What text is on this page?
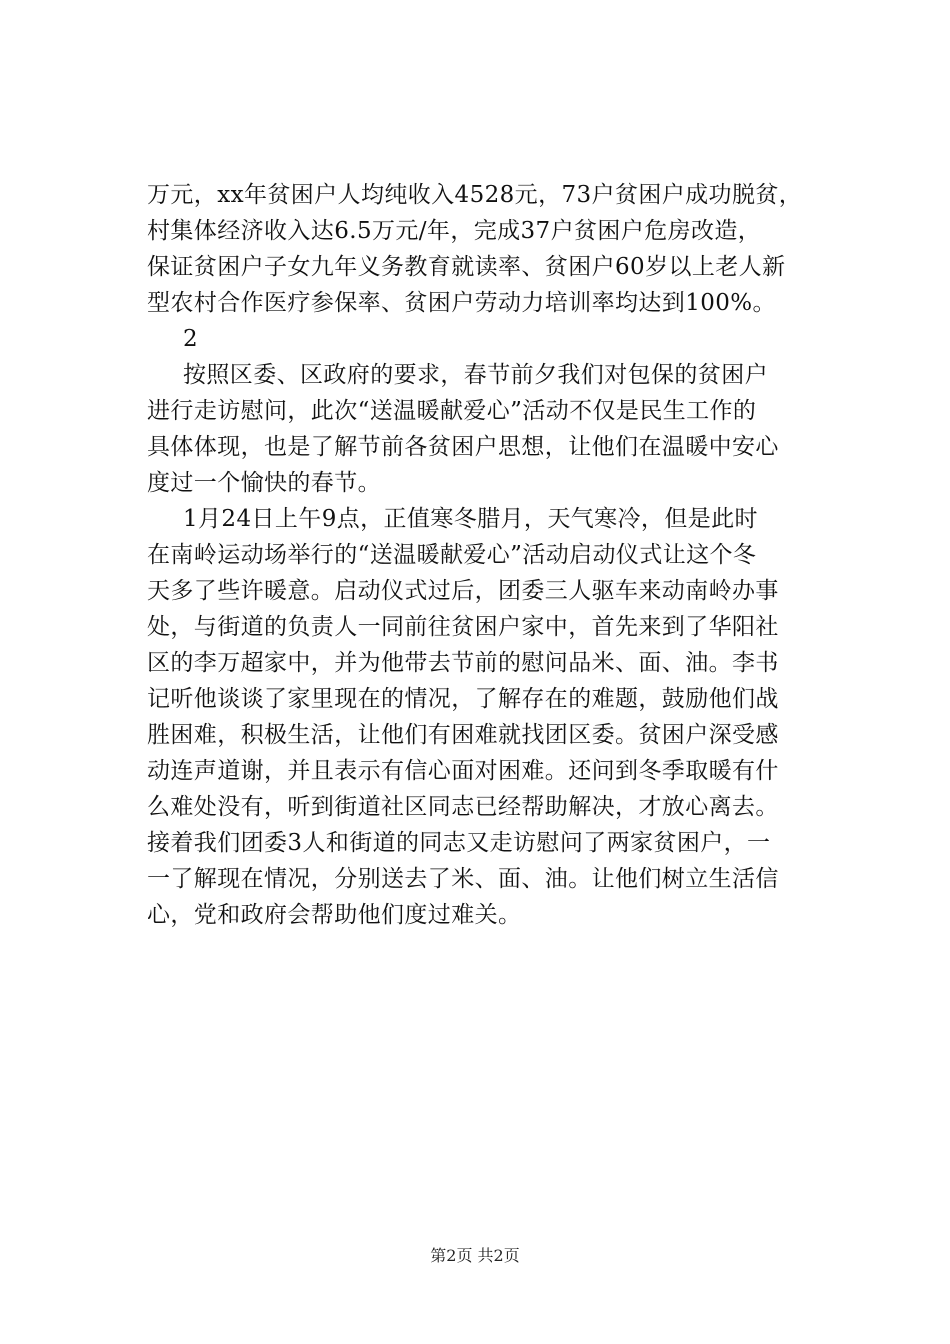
万元，xx年贫困户人均纯收入4528元，73户贫困户成功脱贫，
村集体经济收入达6.5万元/年，完成37户贫困户危房改造，
保证贫困户子女九年义务教育就读率、贫困户60岁以上老人新
型农村合作医疗参保率、贫困户劳动力培训率均达到100%。
2
按照区委、区政府的要求，春节前夕我们对包保的贫困户
进行走访慰问，此次“送温暖献爱心”活动不仅是民生工作的
具体体现，也是了解节前各贫困户思想，让他们在温暖中安心
度过一个愉快的春节。
1月24日上午9点，正值寒冬腊月，天气寒冷，但是此时
在南岭运动场举行的“送温暖献爱心”活动启动仪式让这个冬
天多了些许暖意。启动仪式过后，团委三人驱车来动南岭办事
处，与街道的负责人一同前往贫困户家中，首先来到了华阳社
区的李万超家中，并为他带去节前的慰问品米、面、油。李书
记听他谈谈了家里现在的情况，了解存在的难题，鼓励他们战
胜困难，积极生活，让他们有困难就找团区委。贫困户深受感
动连声道谢，并且表示有信心面对困难。还问到冬季取暖有什
么难处没有，听到街道社区同志已经帮助解决，才放心离去。
接着我们团委3人和街道的同志又走访慰问了两家贫困户，一
一了解现在情况，分别送去了米、面、油。让他们树立生活信
心，党和政府会帮助他们度过难关。
第2页 共2页
